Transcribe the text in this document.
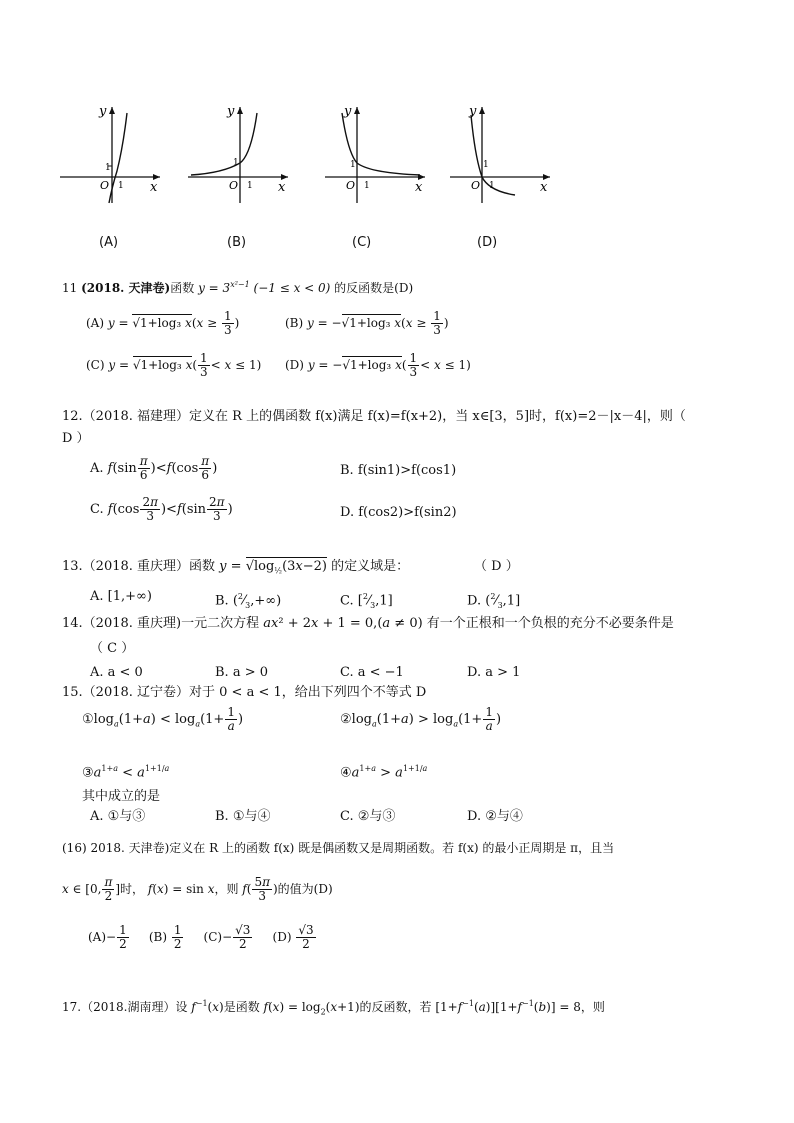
y
x
O 1
1
(A)
y
x
O 1
1
(B)
y
x
O 1
1
(C)
y
x
O 1
1
(D)
11 (2018. 天津卷)函数 $y = 3^{x^2-1}$ (−1 ≤ x < 0) 的反函数是(D)
(A) y = √1+log₃ $x(x \ge \frac{1}{3}$ )	(B) y = −√1+log₃ $x(x \ge \frac{1}{3}$ )
(C) y = √1+log₃ $x( \frac{1}{3} < x \le 1)$ (D) y = −√1+log₃ $x( \frac{1}{3} < x \le 1)$
12.（2018. 福建理）定义在 R 上的偶函数 f(x)满足 f(x)=f(x+2)，当 x∈[3，5]时，f(x)=2－|x－4|，则（
D ）
A. $f(\sin \frac{\pi}{6} )<f(\cos \frac{\pi}{6}$ )	B. f(sin1)>f(cos1)
C. $f(\cos \frac{2\pi}{3} )<f(\sin \frac{2\pi}{3}$ )	D. f(cos2)>f(sin2)
13.（2018. 重庆理）函数 $y = √\log_{\frac{1}{2}}(3x-2)$ 的定义域是：	（ D ）
A. [1,+∞)	B. $(^2⁄_3,+\infty)$	C. $[^2⁄_3,1]$	D. $(^2⁄_3,1]$
14.（2018. 重庆理)一元二次方程 ax² + 2x + 1 = 0,(a ≠ 0) 有一个正根和一个负根的充分不必要条件是
（ C ）
A. a < 0	B. a > 0	C. a < −1	D. a > 1
15.（2018. 辽宁卷）对于 0 < a < 1，给出下列四个不等式 D
$①\log_a(1+a) < \log_a(1+ \frac{1}{a}$ )	$②\log_a(1+a) > \log_a(1+ \frac{1}{a}$ )
$③a^{1+a} < a^{1+1/a}$	$④a^{1+a} > a^{1+1/a}$
其中成立的是
A. ①与③	B. ①与④	C. ②与③	D. ②与④
(16) 2018. 天津卷)定义在 R 上的函数 f(x) 既是偶函数又是周期函数。若 f(x) 的最小正周期是 π，且当
x ∈ [0, $\frac{\pi}{2}$ ]时， f(x) = sin x，则 $f( \frac{5\pi}{3}$ )的值为(D)
$(A)- \frac{1}{2} (B) \frac{1}{2} (C)- \frac{√3}{2} (D) \frac{√3}{2}$
17.（2018.湖南理）设 $f^{-1}(x)$是函数 $f(x) = \log_2(x+1)$的反函数，若 $[1+f^{-1}(a)][1+f^{-1}(b)] = 8$，则
